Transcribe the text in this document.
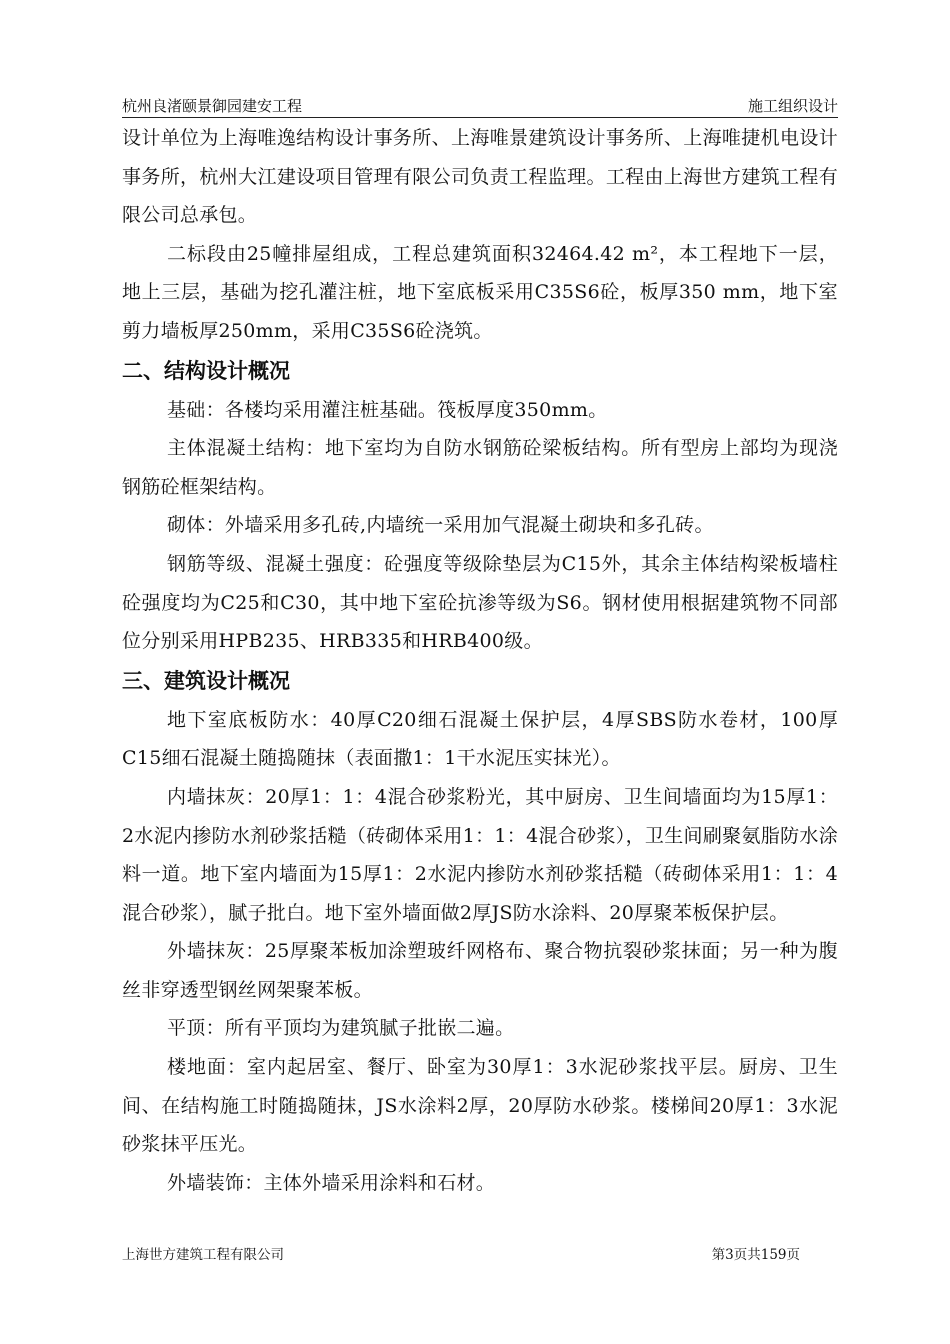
杭州良渚颐景御园建安工程	施工组织设计

设计单位为上海唯逸结构设计事务所、上海唯景建筑设计事务所、上海唯捷机电设计事务所，杭州大江建设项目管理有限公司负责工程监理。工程由上海世方建筑工程有限公司总承包。

二标段由25幢排屋组成，工程总建筑面积32464.42 m²，本工程地下一层，地上三层，基础为挖孔灌注桩，地下室底板采用C35S6砼，板厚350 mm，地下室剪力墙板厚250mm，采用C35S6砼浇筑。

二、结构设计概况

基础：各楼均采用灌注桩基础。筏板厚度350mm。

主体混凝土结构：地下室均为自防水钢筋砼梁板结构。所有型房上部均为现浇钢筋砼框架结构。

砌体：外墙采用多孔砖,内墙统一采用加气混凝土砌块和多孔砖。

钢筋等级、混凝土强度：砼强度等级除垫层为C15外，其余主体结构梁板墙柱砼强度均为C25和C30，其中地下室砼抗渗等级为S6。钢材使用根据建筑物不同部位分别采用HPB235、HRB335和HRB400级。

三、建筑设计概况

地下室底板防水：40厚C20细石混凝土保护层，4厚SBS防水卷材，100厚C15细石混凝土随捣随抹（表面撒1：1干水泥压实抹光）。

内墙抹灰：20厚1：1：4混合砂浆粉光，其中厨房、卫生间墙面均为15厚1：2水泥内掺防水剂砂浆括糙（砖砌体采用1：1：4混合砂浆），卫生间刷聚氨脂防水涂料一道。地下室内墙面为15厚1：2水泥内掺防水剂砂浆括糙（砖砌体采用1：1：4混合砂浆），腻子批白。地下室外墙面做2厚JS防水涂料、20厚聚苯板保护层。

外墙抹灰：25厚聚苯板加涂塑玻纤网格布、聚合物抗裂砂浆抹面；另一种为腹丝非穿透型钢丝网架聚苯板。

平顶：所有平顶均为建筑腻子批嵌二遍。

楼地面：室内起居室、餐厅、卧室为30厚1：3水泥砂浆找平层。厨房、卫生间、在结构施工时随捣随抹，JS水涂料2厚，20厚防水砂浆。楼梯间20厚1：3水泥砂浆抹平压光。

外墙装饰：主体外墙采用涂料和石材。

上海世方建筑工程有限公司	第3页共159页
